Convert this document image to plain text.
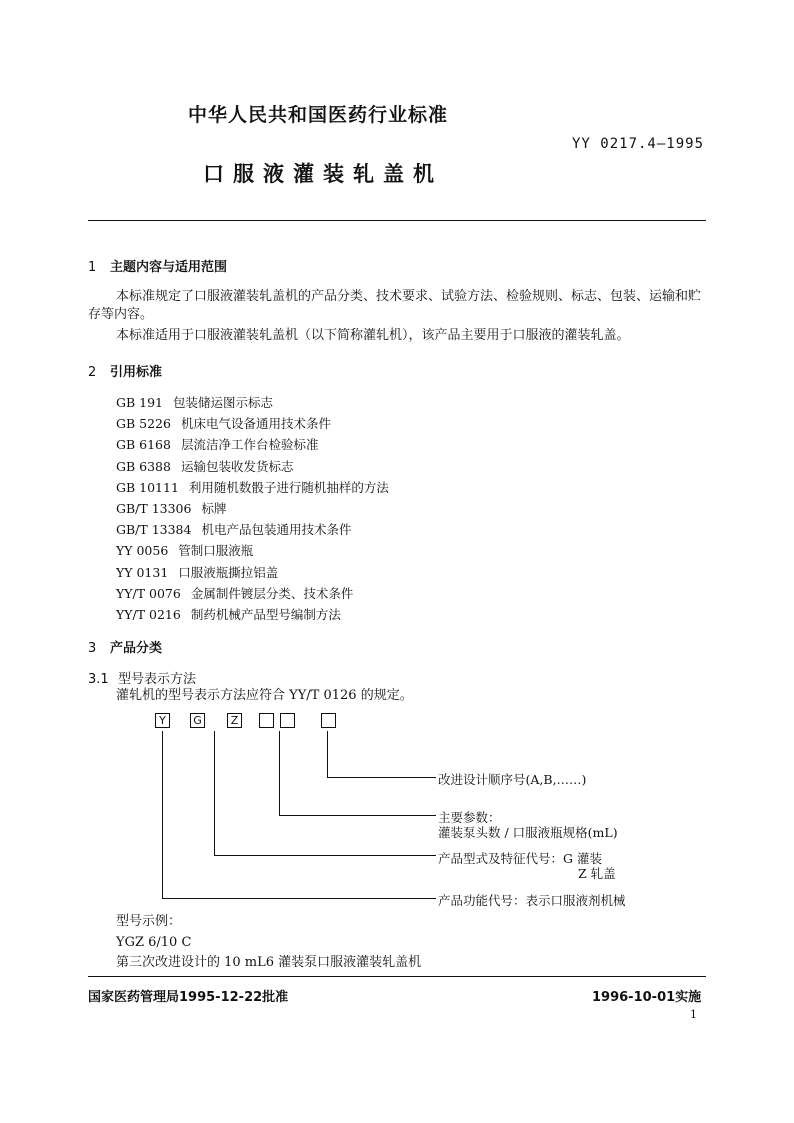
中华人民共和国医药行业标准
YY 0217.4—1995
口服液灌装轧盖机
1 主题内容与适用范围
本标准规定了口服液灌装轧盖机的产品分类、技术要求、试验方法、检验规则、标志、包装、运输和贮
存等内容。
本标准适用于口服液灌装轧盖机（以下简称灌轧机），该产品主要用于口服液的灌装轧盖。
2 引用标准
GB 191 包装储运图示标志
GB 5226 机床电气设备通用技术条件
GB 6168 层流洁净工作台检验标准
GB 6388 运输包装收发货标志
GB 10111 利用随机数骰子进行随机抽样的方法
GB/T 13306 标牌
GB/T 13384 机电产品包装通用技术条件
YY 0056 管制口服液瓶
YY 0131 口服液瓶撕拉铝盖
YY/T 0076 金属制件镀层分类、技术条件
YY/T 0216 制药机械产品型号编制方法
3 产品分类
3.1 型号表示方法
灌轧机的型号表示方法应符合 YY/T 0126 的规定。
Y	G	Z
改进设计顺序号(A,B,……)
主要参数：
灌装泵头数 / 口服液瓶规格(mL)
产品型式及特征代号：G 灌装
Z 轧盖
产品功能代号：表示口服液剂机械
型号示例：
YGZ 6/10 C
第三次改进设计的 10 mL6 灌装泵口服液灌装轧盖机
国家医药管理局1995-12-22批准	1996-10-01实施
1
